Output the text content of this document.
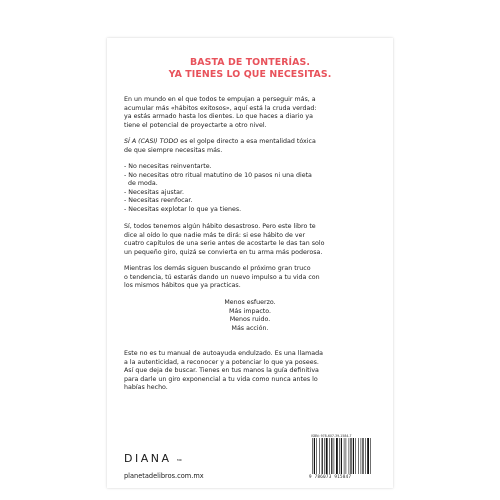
BASTA DE TONTERÍAS.
YA TIENES LO QUE NECESITAS.
En un mundo en el que todos te empujan a perseguir más, a
acumular más «hábitos exitosos», aquí está la cruda verdad:
ya estás armado hasta los dientes. Lo que haces a diario ya
tiene el potencial de proyectarte a otro nivel.
SÍ A (CASI) TODO es el golpe directo a esa mentalidad tóxica
de que siempre necesitas más.
- No necesitas reinventarte.
- No necesitas otro ritual matutino de 10 pasos ni una dieta
de moda.
- Necesitas ajustar.
- Necesitas reenfocar.
- Necesitas explotar lo que ya tienes.
Sí, todos tenemos algún hábito desastroso. Pero este libro te
dice al oído lo que nadie más te dirá: si ese hábito de ver
cuatro capítulos de una serie antes de acostarte le das tan solo
un pequeño giro, quizá se convierta en tu arma más poderosa.
Mientras los demás siguen buscando el próximo gran truco
o tendencia, tú estarás dando un nuevo impulso a tu vida con
los mismos hábitos que ya practicas.
Menos esfuerzo.
Más impacto.
Menos ruido.
Más acción.
Este no es tu manual de autoayuda endulzado. Es una llamada
a la autenticidad, a reconocer y a potenciar lo que ya posees.
Así que deja de buscar. Tienes en tus manos la guía definitiva
para darle un giro exponencial a tu vida como nunca antes lo
habías hecho.
DIANA MR
planetadelibros.com.mx
ISBN: 978-607-39-1584-7
9 786073 915847
